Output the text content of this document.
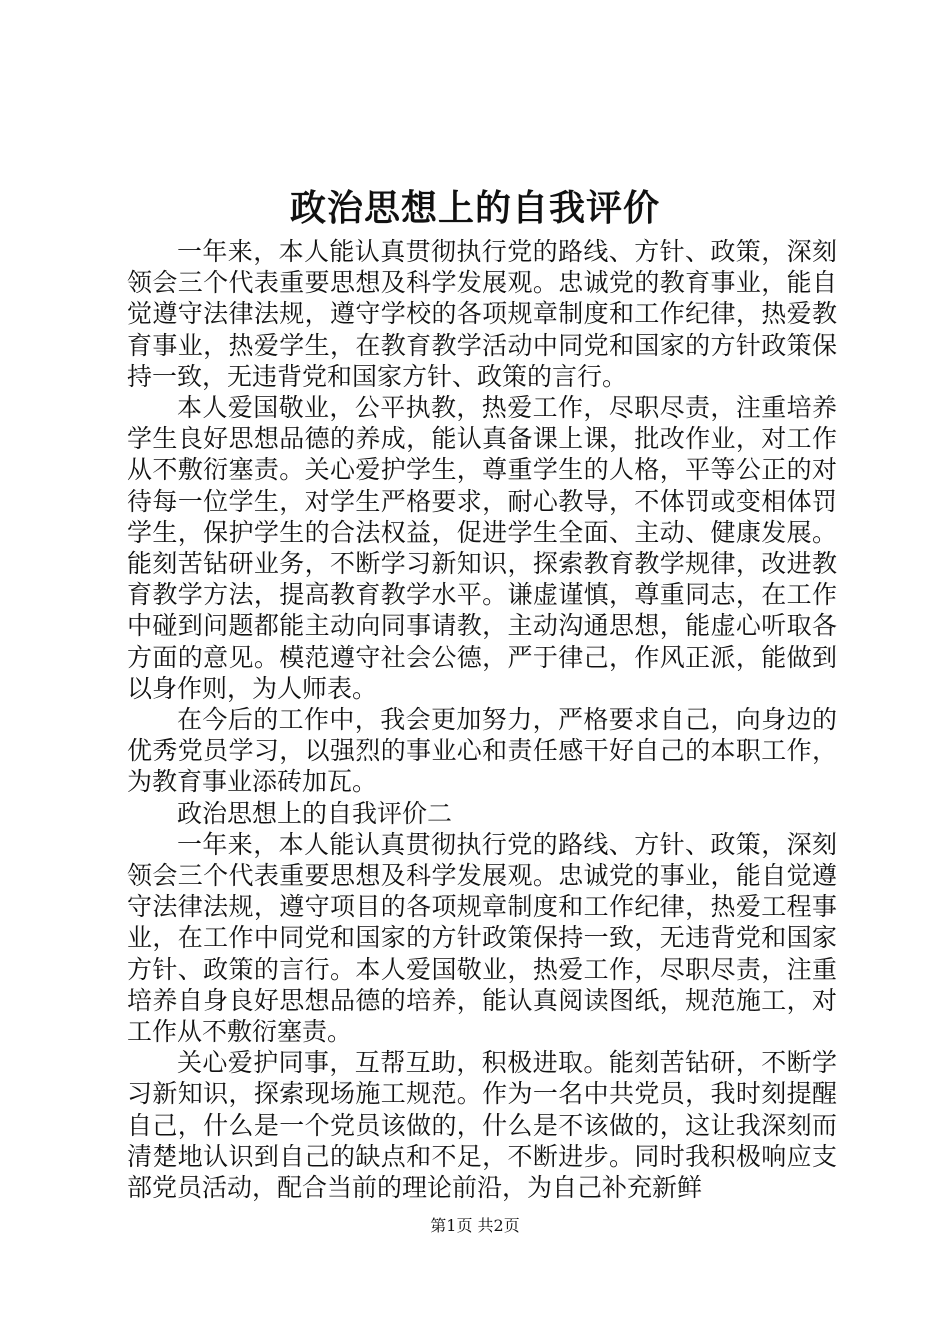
政治思想上的自我评价

一年来，本人能认真贯彻执行党的路线、方针、政策，深刻领会三个代表重要思想及科学发展观。忠诚党的教育事业，能自觉遵守法律法规，遵守学校的各项规章制度和工作纪律，热爱教育事业，热爱学生，在教育教学活动中同党和国家的方针政策保持一致，无违背党和国家方针、政策的言行。

本人爱国敬业，公平执教，热爱工作，尽职尽责，注重培养学生良好思想品德的养成，能认真备课上课，批改作业，对工作从不敷衍塞责。关心爱护学生，尊重学生的人格，平等公正的对待每一位学生，对学生严格要求，耐心教导，不体罚或变相体罚学生，保护学生的合法权益，促进学生全面、主动、健康发展。能刻苦钻研业务，不断学习新知识，探索教育教学规律，改进教育教学方法，提高教育教学水平。谦虚谨慎，尊重同志，在工作中碰到问题都能主动向同事请教，主动沟通思想，能虚心听取各方面的意见。模范遵守社会公德，严于律己，作风正派，能做到以身作则，为人师表。

在今后的工作中，我会更加努力，严格要求自己，向身边的优秀党员学习，以强烈的事业心和责任感干好自己的本职工作，为教育事业添砖加瓦。

政治思想上的自我评价二

一年来，本人能认真贯彻执行党的路线、方针、政策，深刻领会三个代表重要思想及科学发展观。忠诚党的事业，能自觉遵守法律法规，遵守项目的各项规章制度和工作纪律，热爱工程事业，在工作中同党和国家的方针政策保持一致，无违背党和国家方针、政策的言行。本人爱国敬业，热爱工作，尽职尽责，注重培养自身良好思想品德的培养，能认真阅读图纸，规范施工，对工作从不敷衍塞责。

关心爱护同事，互帮互助，积极进取。能刻苦钻研，不断学习新知识，探索现场施工规范。作为一名中共党员，我时刻提醒自己，什么是一个党员该做的，什么是不该做的，这让我深刻而清楚地认识到自己的缺点和不足，不断进步。同时我积极响应支部党员活动，配合当前的理论前沿，为自己补充新鲜

第1页 共2页
